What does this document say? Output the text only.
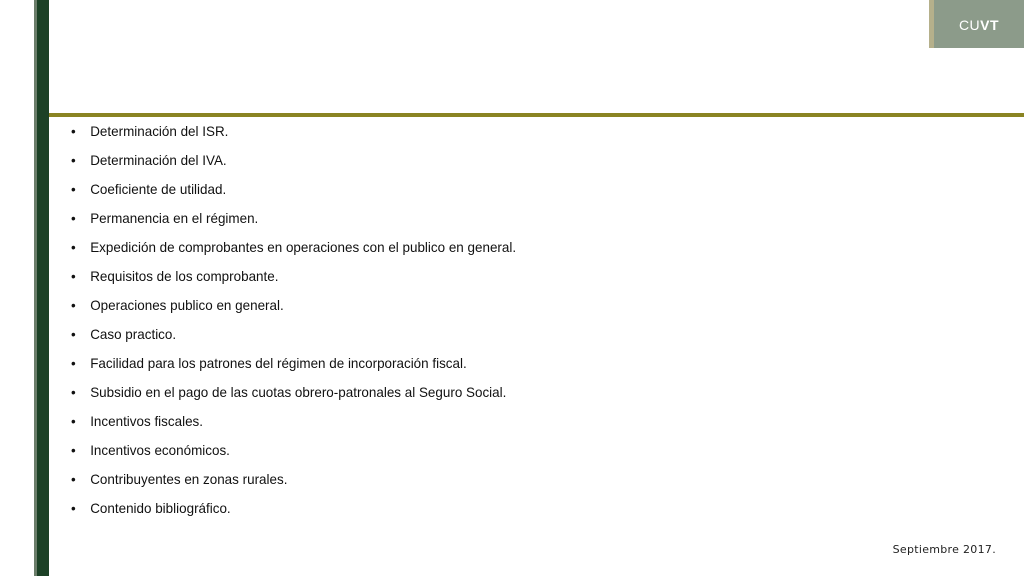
CUVT
• Determinación del ISR.
• Determinación del IVA.
• Coeficiente de utilidad.
• Permanencia en el régimen.
• Expedición de comprobantes en operaciones con el publico en general.
• Requisitos de los comprobante.
• Operaciones publico en general.
• Caso practico.
• Facilidad para los patrones del régimen de incorporación fiscal.
• Subsidio en el pago de las cuotas obrero-patronales al Seguro Social.
• Incentivos fiscales.
• Incentivos económicos.
• Contribuyentes en zonas rurales.
• Contenido bibliográfico.
Septiembre 2017.
